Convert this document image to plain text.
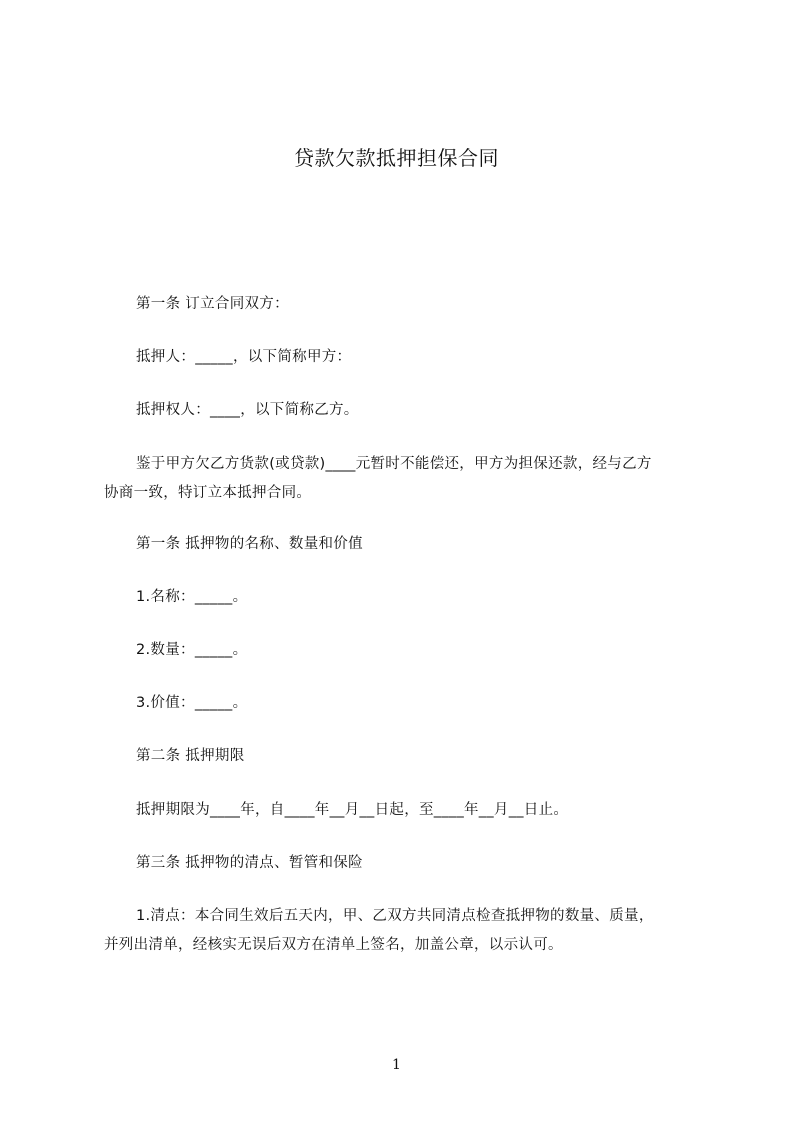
贷款欠款抵押担保合同
第一条 订立合同双方：
抵押人：_____，以下简称甲方：
抵押权人：____，以下简称乙方。
鉴于甲方欠乙方货款(或贷款)____元暂时不能偿还，甲方为担保还款，经与乙方
协商一致，特订立本抵押合同。
第一条 抵押物的名称、数量和价值
1.名称：_____。
2.数量：_____。
3.价值：_____。
第二条 抵押期限
抵押期限为____年，自____年__月__日起，至____年__月__日止。
第三条 抵押物的清点、暂管和保险
1.清点：本合同生效后五天内，甲、乙双方共同清点检查抵押物的数量、质量，
并列出清单，经核实无误后双方在清单上签名，加盖公章，以示认可。
1
